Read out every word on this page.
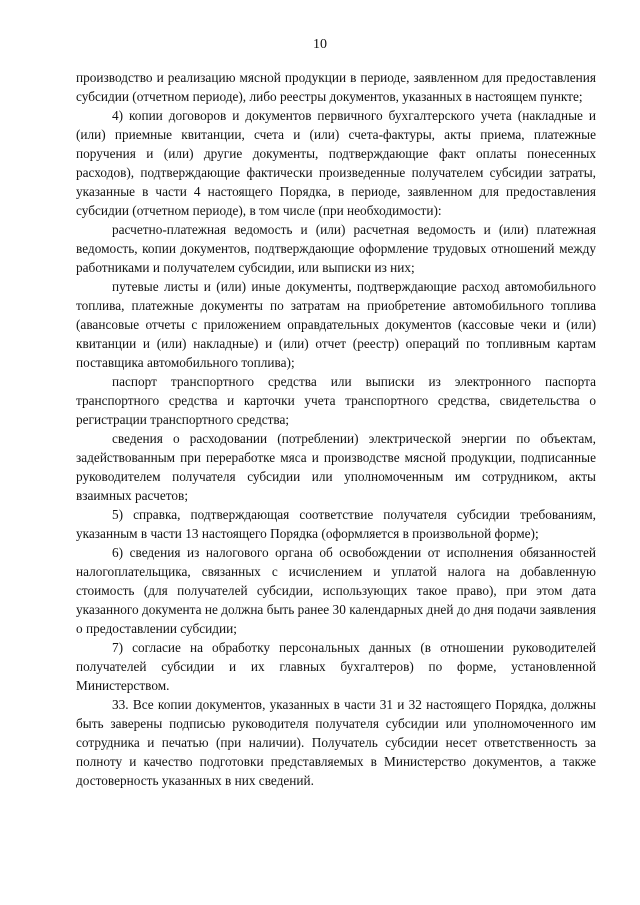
10

производство и реализацию мясной продукции в периоде, заявленном для предоставления субсидии (отчетном периоде), либо реестры документов, указанных в настоящем пункте;

4) копии договоров и документов первичного бухгалтерского учета (накладные и (или) приемные квитанции, счета и (или) счета-фактуры, акты приема, платежные поручения и (или) другие документы, подтверждающие факт оплаты понесенных расходов), подтверждающие фактически произведенные получателем субсидии затраты, указанные в части 4 настоящего Порядка, в периоде, заявленном для предоставления субсидии (отчетном периоде), в том числе (при необходимости):

расчетно-платежная ведомость и (или) расчетная ведомость и (или) платежная ведомость, копии документов, подтверждающие оформление трудовых отношений между работниками и получателем субсидии, или выписки из них;

путевые листы и (или) иные документы, подтверждающие расход автомобильного топлива, платежные документы по затратам на приобретение автомобильного топлива (авансовые отчеты с приложением оправдательных документов (кассовые чеки и (или) квитанции и (или) накладные) и (или) отчет (реестр) операций по топливным картам поставщика автомобильного топлива);

паспорт транспортного средства или выписки из электронного паспорта транспортного средства и карточки учета транспортного средства, свидетельства о регистрации транспортного средства;

сведения о расходовании (потреблении) электрической энергии по объектам, задействованным при переработке мяса и производстве мясной продукции, подписанные руководителем получателя субсидии или уполномоченным им сотрудником, акты взаимных расчетов;

5) справка, подтверждающая соответствие получателя субсидии требованиям, указанным в части 13 настоящего Порядка (оформляется в произвольной форме);

6) сведения из налогового органа об освобождении от исполнения обязанностей налогоплательщика, связанных с исчислением и уплатой налога на добавленную стоимость (для получателей субсидии, использующих такое право), при этом дата указанного документа не должна быть ранее 30 календарных дней до дня подачи заявления о предоставлении субсидии;

7) согласие на обработку персональных данных (в отношении руководителей получателей субсидии и их главных бухгалтеров) по форме, установленной Министерством.

33. Все копии документов, указанных в части 31 и 32 настоящего Порядка, должны быть заверены подписью руководителя получателя субсидии или уполномоченного им сотрудника и печатью (при наличии). Получатель субсидии несет ответственность за полноту и качество подготовки представляемых в Министерство документов, а также достоверность указанных в них сведений.
